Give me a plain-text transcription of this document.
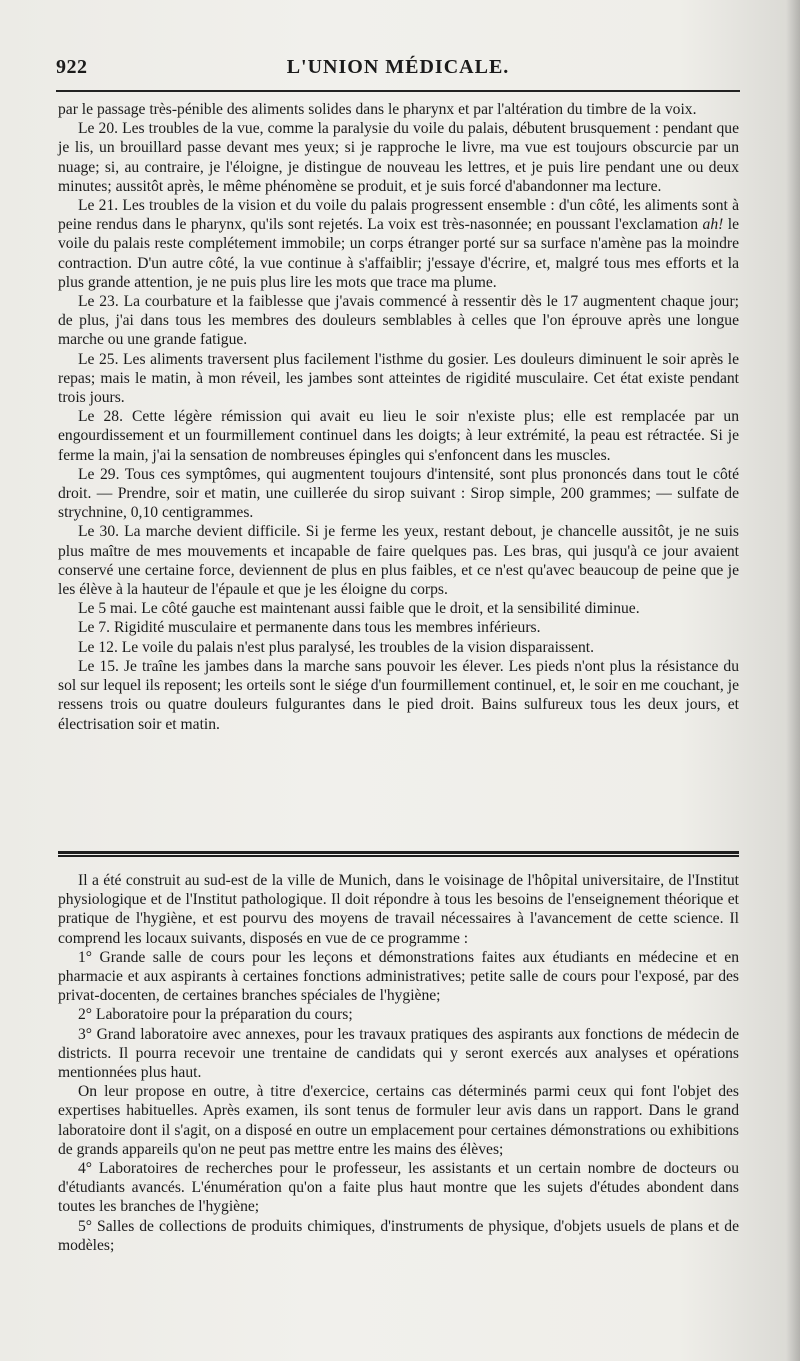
L'UNION MÉDICALE.
922

par le passage très-pénible des aliments solides dans le pharynx et par l'altération du timbre de la voix.

Le 20. Les troubles de la vue, comme la paralysie du voile du palais, débutent brusquement : pendant que je lis, un brouillard passe devant mes yeux; si je rapproche le livre, ma vue est toujours obscurcie par un nuage; si, au contraire, je l'éloigne, je distingue de nouveau les lettres, et je puis lire pendant une ou deux minutes; aussitôt après, le même phénomène se produit, et je suis forcé d'abandonner ma lecture.

Le 21. Les troubles de la vision et du voile du palais progressent ensemble : d'un côté, les aliments sont à peine rendus dans le pharynx, qu'ils sont rejetés. La voix est très-nasonnée; en poussant l'exclamation ah! le voile du palais reste complétement immobile; un corps étranger porté sur sa surface n'amène pas la moindre contraction. D'un autre côté, la vue continue à s'affaiblir; j'essaye d'écrire, et, malgré tous mes efforts et la plus grande attention, je ne puis plus lire les mots que trace ma plume.

Le 23. La courbature et la faiblesse que j'avais commencé à ressentir dès le 17 augmentent chaque jour; de plus, j'ai dans tous les membres des douleurs semblables à celles que l'on éprouve après une longue marche ou une grande fatigue.

Le 25. Les aliments traversent plus facilement l'isthme du gosier. Les douleurs diminuent le soir après le repas; mais le matin, à mon réveil, les jambes sont atteintes de rigidité musculaire. Cet état existe pendant trois jours.

Le 28. Cette légère rémission qui avait eu lieu le soir n'existe plus; elle est remplacée par un engourdissement et un fourmillement continuel dans les doigts; à leur extrémité, la peau est rétractée. Si je ferme la main, j'ai la sensation de nombreuses épingles qui s'enfoncent dans les muscles.

Le 29. Tous ces symptômes, qui augmentent toujours d'intensité, sont plus prononcés dans tout le côté droit. — Prendre, soir et matin, une cuillerée du sirop suivant : Sirop simple, 200 grammes; — sulfate de strychnine, 0,10 centigrammes.

Le 30. La marche devient difficile. Si je ferme les yeux, restant debout, je chancelle aussitôt, je ne suis plus maître de mes mouvements et incapable de faire quelques pas. Les bras, qui jusqu'à ce jour avaient conservé une certaine force, deviennent de plus en plus faibles, et ce n'est qu'avec beaucoup de peine que je les élève à la hauteur de l'épaule et que je les éloigne du corps.

Le 5 mai. Le côté gauche est maintenant aussi faible que le droit, et la sensibilité diminue.

Le 7. Rigidité musculaire et permanente dans tous les membres inférieurs.

Le 12. Le voile du palais n'est plus paralysé, les troubles de la vision disparaissent.

Le 15. Je traîne les jambes dans la marche sans pouvoir les élever. Les pieds n'ont plus la résistance du sol sur lequel ils reposent; les orteils sont le siége d'un fourmillement continuel, et, le soir en me couchant, je ressens trois ou quatre douleurs fulgurantes dans le pied droit. Bains sulfureux tous les deux jours, et électrisation soir et matin.

Il a été construit au sud-est de la ville de Munich, dans le voisinage de l'hôpital universitaire, de l'Institut physiologique et de l'Institut pathologique. Il doit répondre à tous les besoins de l'enseignement théorique et pratique de l'hygiène, et est pourvu des moyens de travail nécessaires à l'avancement de cette science. Il comprend les locaux suivants, disposés en vue de ce programme :

1° Grande salle de cours pour les leçons et démonstrations faites aux étudiants en médecine et en pharmacie et aux aspirants à certaines fonctions administratives; petite salle de cours pour l'exposé, par des privat-docenten, de certaines branches spéciales de l'hygiène;

2° Laboratoire pour la préparation du cours;

3° Grand laboratoire avec annexes, pour les travaux pratiques des aspirants aux fonctions de médecin de districts. Il pourra recevoir une trentaine de candidats qui y seront exercés aux analyses et opérations mentionnées plus haut.

On leur propose en outre, à titre d'exercice, certains cas déterminés parmi ceux qui font l'objet des expertises habituelles. Après examen, ils sont tenus de formuler leur avis dans un rapport. Dans le grand laboratoire dont il s'agit, on a disposé en outre un emplacement pour certaines démonstrations ou exhibitions de grands appareils qu'on ne peut pas mettre entre les mains des élèves;

4° Laboratoires de recherches pour le professeur, les assistants et un certain nombre de docteurs ou d'étudiants avancés. L'énumération qu'on a faite plus haut montre que les sujets d'études abondent dans toutes les branches de l'hygiène;

5° Salles de collections de produits chimiques, d'instruments de physique, d'objets usuels de plans et de modèles;
